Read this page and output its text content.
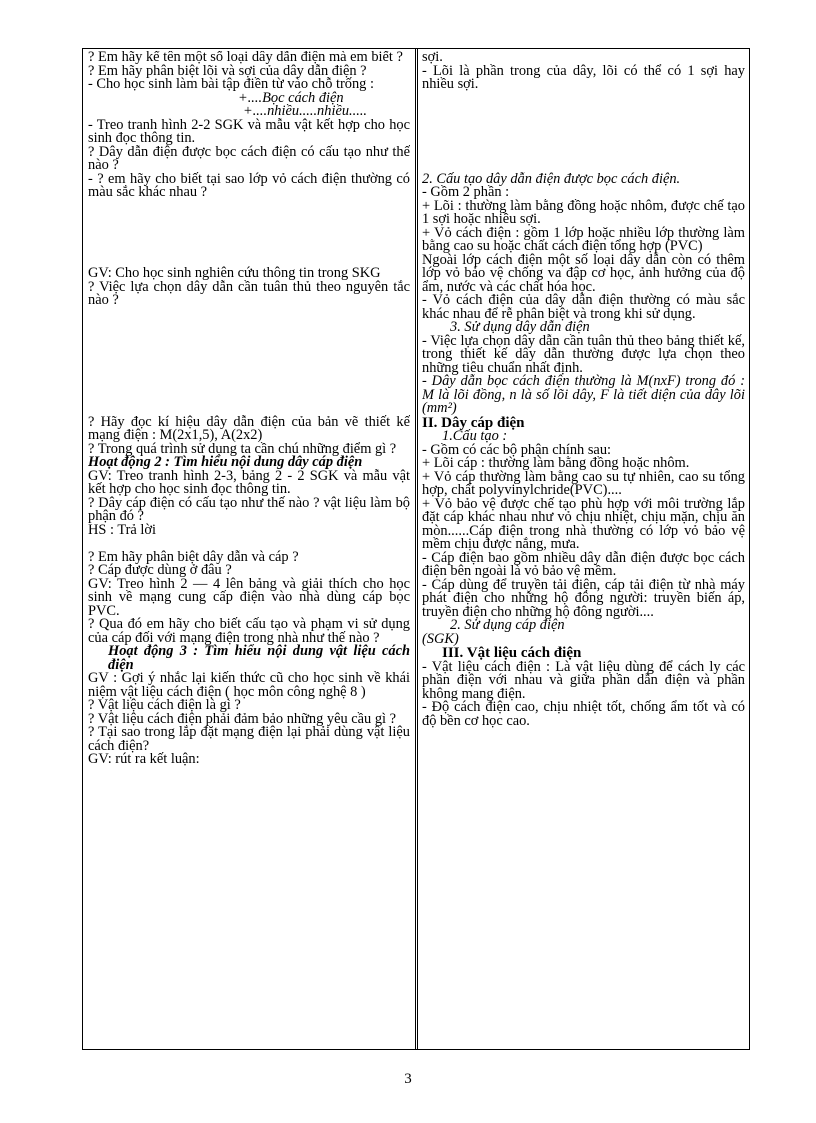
? Em hãy kể tên một số loại dây dẫn điện mà em biết ?

? Em hãy phân biệt lõi và sợi của dây dẫn điện ?

- Cho học sinh làm bài tập điền từ vào chỗ trống :

+....Bọc cách điện

+....nhiều.....nhiều.....

- Treo tranh hình 2-2 SGK và mẫu vật kết hợp cho học sinh đọc thông tin.

? Dây dẫn điện được bọc cách điện có cấu tạo như thế nào ?

- ? em hãy cho biết tại sao lớp vỏ cách điện thường có màu sắc khác nhau ?

GV: Cho học sinh nghiên cứu thông tin trong SKG

? Việc lựa chọn dây dẫn cần tuân thủ theo nguyên tắc nào ?

? Hãy đọc kí hiệu dây dẫn điện của bản vẽ thiết kế mạng điện : M(2x1,5), A(2x2)

? Trong quá trình sử dụng ta cần chú những điểm gì ?

Hoạt động 2 : Tìm hiểu nội dung dây cáp điện

GV: Treo tranh hình 2-3, bảng 2 - 2 SGK và mẫu vật kết hợp cho học sinh đọc thông tin.

? Dây cáp điện có cấu tạo như thế nào ? vật liệu làm bộ phận đó ?

HS : Trả lời

? Em hãy phân biệt dây dẫn và cáp ?

? Cáp được dùng ở đâu ?

GV: Treo hình 2 — 4 lên bảng và giải thích cho học sinh về mạng cung cấp điện vào nhà dùng cáp bọc PVC.

? Qua đó em hãy cho biết cấu tạo và phạm vi sử dụng của cáp đối với mạng điện trong nhà như thế nào ?

Hoạt động 3 : Tìm hiểu nội dung vật liệu cách điện

GV : Gợi ý nhắc lại kiến thức cũ cho học sinh về khái niệm vật liệu cách điện ( học môn công nghệ 8 )

? Vật liệu cách điện là gì ?

? Vật liệu cách điện phải đảm bảo những yêu cầu gì ?

? Tại sao trong lắp đặt mạng điện lại phải dùng vật liệu cách điện?

GV: rút ra kết luận:

sợi.

- Lõi là phần trong của dây, lõi có thể có 1 sợi hay nhiều sợi.

2. Cấu tạo dây dẫn điện được bọc cách điện.

- Gồm 2 phần :

+ Lõi : thường làm bằng đồng hoặc nhôm, được chế tạo 1 sợi hoặc nhiều sợi.

+ Vỏ cách điện : gồm 1 lớp hoặc nhiều lớp thường làm bằng cao su hoặc chất cách điện tổng hợp (PVC)

Ngoài lớp cách điện một số loại dây dẫn còn có thêm lớp vỏ bảo vệ chống va đập cơ học, ảnh hưởng của độ ẩm, nước và các chất hóa học.

- Vỏ cách điện của dây dẫn điện thường có màu sắc khác nhau để rễ phân biệt và trong khi sử dụng.

3. Sử dụng dây dẫn điện

- Việc lựa chọn dây dẫn cần tuân thủ theo bảng thiết kế, trong thiết kế dây dẫn thường được lựa chọn theo những tiêu chuẩn nhất định.

- Dây dẫn bọc cách điện thường là M(nxF) trong đó : M là lõi đồng, n là số lõi dây, F là tiết diện của dây lõi (mm²)

II. Dây cáp điện

1.Cấu tạo :

- Gồm có các bộ phận chính sau:

+ Lõi cáp : thường làm bằng đồng hoặc nhôm.

+ Vỏ cáp thường làm bằng cao su tự nhiên, cao su tổng hợp, chất polyvinylchride(PVC)....

+ Vỏ bảo vệ được chế tạo phù hợp với môi trường lắp đặt cáp khác nhau như vỏ chịu nhiệt, chịu mặn, chịu ăn mòn......Cáp điện trong nhà thường có lớp vỏ bảo vệ mềm chịu được nắng, mưa.

- Cáp điện bao gồm nhiều dây dẫn điện được bọc cách điện bên ngoài là vỏ bảo vệ mềm.

- Cáp dùng để truyền tải điện, cáp tải điện từ nhà máy phát điện cho những hộ đông người: truyền biến áp, truyền điện cho những hộ đông người....

2. Sử dụng cáp điện

(SGK)

III. Vật liệu cách điện

- Vật liệu cách điện : Là vật liệu dùng để cách ly các phần điện với nhau và giữa phần dẫn điện và phần không mang điện.

- Độ cách điện cao, chịu nhiệt tốt, chống ẩm tốt và có độ bền cơ học cao.

3
